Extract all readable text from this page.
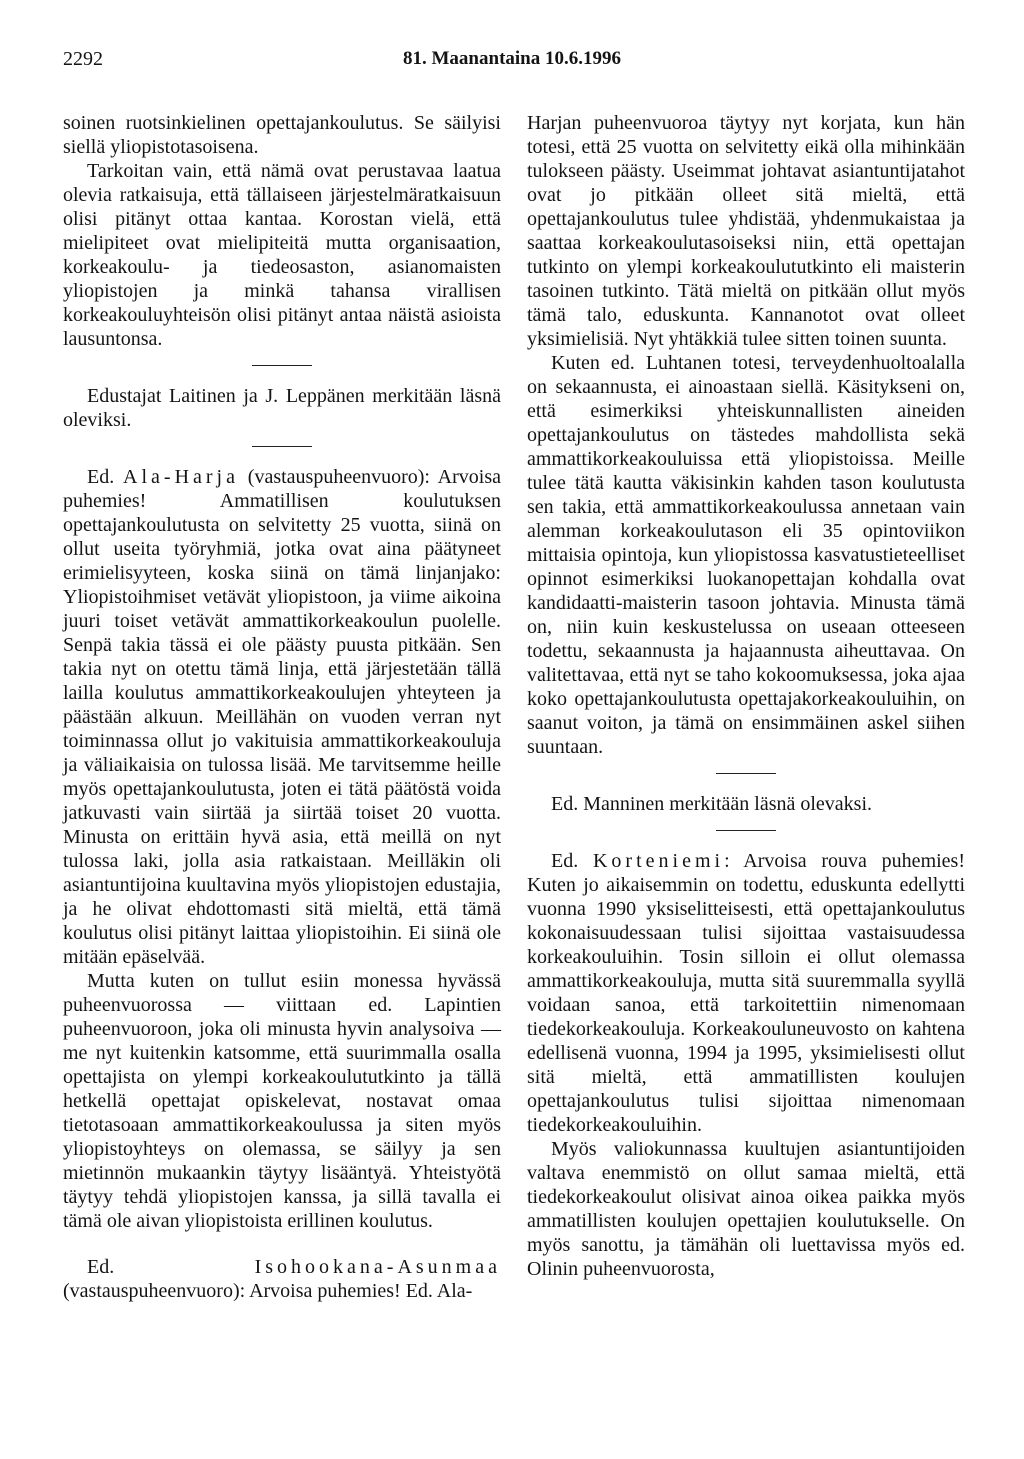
2292	81. Maanantaina 10.6.1996

soinen ruotsinkielinen opettajankoulutus. Se säilyisi siellä yliopistotasoisena.

Tarkoitan vain, että nämä ovat perustavaa laatua olevia ratkaisuja, että tällaiseen järjestelmäratkaisuun olisi pitänyt ottaa kantaa. Korostan vielä, että mielipiteet ovat mielipiteitä mutta organisaation, korkeakoulu- ja tiedeosaston, asianomaisten yliopistojen ja minkä tahansa virallisen korkeakouluyhteisön olisi pitänyt antaa näistä asioista lausuntonsa.

Edustajat Laitinen ja J. Leppänen merkitään läsnä oleviksi.

Ed. Ala-Harja (vastauspuheenvuoro): Arvoisa puhemies! Ammatillisen koulutuksen opettajankoulutusta on selvitetty 25 vuotta, siinä on ollut useita työryhmiä, jotka ovat aina päätyneet erimielisyyteen, koska siinä on tämä linjanjako: Yliopistoihmiset vetävät yliopistoon, ja viime aikoina juuri toiset vetävät ammattikorkeakoulun puolelle. Senpä takia tässä ei ole päästy puusta pitkään. Sen takia nyt on otettu tämä linja, että järjestetään tällä lailla koulutus ammattikorkeakoulujen yhteyteen ja päästään alkuun. Meillähän on vuoden verran nyt toiminnassa ollut jo vakituisia ammattikorkeakouluja ja väliaikaisia on tulossa lisää. Me tarvitsemme heille myös opettajankoulutusta, joten ei tätä päätöstä voida jatkuvasti vain siirtää ja siirtää toiset 20 vuotta. Minusta on erittäin hyvä asia, että meillä on nyt tulossa laki, jolla asia ratkaistaan. Meilläkin oli asiantuntijoina kuultavina myös yliopistojen edustajia, ja he olivat ehdottomasti sitä mieltä, että tämä koulutus olisi pitänyt laittaa yliopistoihin. Ei siinä ole mitään epäselvää.

Mutta kuten on tullut esiin monessa hyvässä puheenvuorossa — viittaan ed. Lapintien puheenvuoroon, joka oli minusta hyvin analysoiva — me nyt kuitenkin katsomme, että suurimmalla osalla opettajista on ylempi korkeakoulututkinto ja tällä hetkellä opettajat opiskelevat, nostavat omaa tietotasoaan ammattikorkeakoulussa ja siten myös yliopistoyhteys on olemassa, se säilyy ja sen mietinnön mukaankin täytyy lisääntyä. Yhteistyötä täytyy tehdä yliopistojen kanssa, ja sillä tavalla ei tämä ole aivan yliopistoista erillinen koulutus.

Ed.	Isohookana-Asunmaa (vastauspuheenvuoro): Arvoisa puhemies! Ed. Ala-

Harjan puheenvuoroa täytyy nyt korjata, kun hän totesi, että 25 vuotta on selvitetty eikä olla mihinkään tulokseen päästy. Useimmat johtavat asiantuntijatahot ovat jo pitkään olleet sitä mieltä, että opettajankoulutus tulee yhdistää, yhdenmukaistaa ja saattaa korkeakoulutasoiseksi niin, että opettajan tutkinto on ylempi korkeakoulututkinto eli maisterin tasoinen tutkinto. Tätä mieltä on pitkään ollut myös tämä talo, eduskunta. Kannanotot ovat olleet yksimielisiä. Nyt yhtäkkiä tulee sitten toinen suunta.

Kuten ed. Luhtanen totesi, terveydenhuoltoalalla on sekaannusta, ei ainoastaan siellä. Käsitykseni on, että esimerkiksi yhteiskunnallisten aineiden opettajankoulutus on tästedes mahdollista sekä ammattikorkeakouluissa että yliopistoissa. Meille tulee tätä kautta väkisinkin kahden tason koulutusta sen takia, että ammattikorkeakoulussa annetaan vain alemman korkeakoulutason eli 35 opintoviikon mittaisia opintoja, kun yliopistossa kasvatustieteelliset opinnot esimerkiksi luokanopettajan kohdalla ovat kandidaatti-maisterin tasoon johtavia. Minusta tämä on, niin kuin keskustelussa on useaan otteeseen todettu, sekaannusta ja hajaannusta aiheuttavaa. On valitettavaa, että nyt se taho kokoomuksessa, joka ajaa koko opettajankoulutusta opettajakorkeakouluihin, on saanut voiton, ja tämä on ensimmäinen askel siihen suuntaan.

Ed. Manninen merkitään läsnä olevaksi.

Ed. Korteniemi: Arvoisa rouva puhemies! Kuten jo aikaisemmin on todettu, eduskunta edellytti vuonna 1990 yksiselitteisesti, että opettajankoulutus kokonaisuudessaan tulisi sijoittaa vastaisuudessa korkeakouluihin. Tosin silloin ei ollut olemassa ammattikorkeakouluja, mutta sitä suuremmalla syyllä voidaan sanoa, että tarkoitettiin nimenomaan tiedekorkeakouluja. Korkeakouluneuvosto on kahtena edellisenä vuonna, 1994 ja 1995, yksimielisesti ollut sitä mieltä, että ammatillisten koulujen opettajankoulutus tulisi sijoittaa nimenomaan tiedekorkeakouluihin.

Myös valiokunnassa kuultujen asiantuntijoiden valtava enemmistö on ollut samaa mieltä, että tiedekorkeakoulut olisivat ainoa oikea paikka myös ammatillisten koulujen opettajien koulutukselle. On myös sanottu, ja tämähän oli luettavissa myös ed. Olinin puheenvuorosta,
